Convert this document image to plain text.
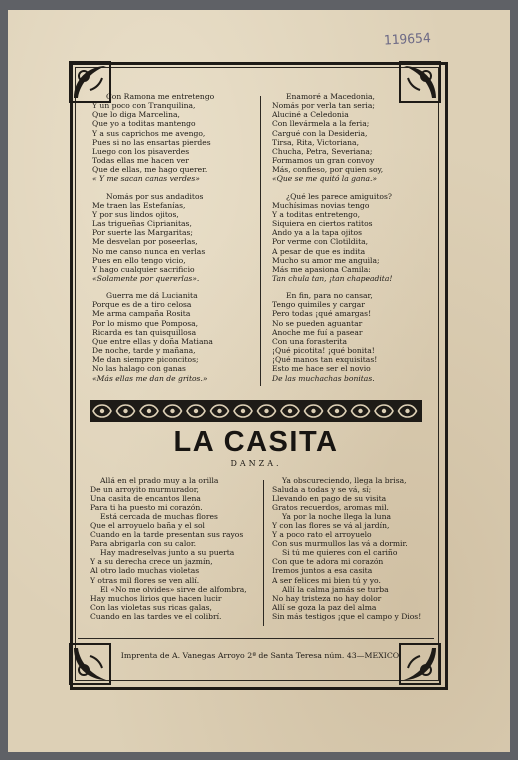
119654
Con Ramona me entretengo
Y un poco con Tranquilina,
Que lo diga Marcelina,
Que yo a toditas mantengo
Y a sus caprichos me avengo,
Pues si no las ensartas pierdes
Luego con los pisaverdes
Todas ellas me hacen ver
Que de ellas, me hago querer.
« Y me sacan canas verdes»
Nomás por sus andaditos
Me traen las Estefanías,
Y por sus lindos ojitos,
Las trigueñas Ciprianitas,
Por suerte las Margaritas;
Me desvelan por poseerlas,
No me canso nunca en verlas
Pues en ello tengo vicio,
Y hago cualquier sacrificio
«Solamente por quererlas».
Guerra me dá Lucianita
Porque es de a tiro celosa
Me arma campaña Rosita
Por lo mismo que Pomposa,
Ricarda es tan quisquillosa
Que entre ellas y doña Matiana
De noche, tarde y mañana,
Me dan siempre piconcitos;
No las halago con ganas
«Más ellas me dan de gritos.»
Enamoré a Macedonia,
Nomás por verla tan seria;
Aluciné a Celedonia
Con llevármela a la feria;
Cargué con la Desideria,
Tirsa, Rita, Victoriana,
Chucha, Petra, Severiana;
Formamos un gran convoy
Más, confieso, por quien soy,
«Que se me quitó la gana.»
¿Qué les parece amiguitos?
Muchísimas novias tengo
Y a toditas entretengo,
Siquiera en ciertos ratitos
Ando ya a la tapa ojitos
Por verme con Clotildita,
A pesar de que es indita
Mucho su amor me anguila;
Más me apasiona Camila:
Tan chula tan, ¡tan chapeadita!
En fin, para no cansar,
Tengo quimiles y cargar
Pero todas ¡qué amargas!
No se pueden aguantar
Anoche me fuí a pasear
Con una forasterita
¡Qué picotita! ¡qué bonita!
¡Qué manos tan exquisitas!
Esto me hace ser el novio
De las muchachas bonitas.
LA CASITA
DANZA.
Allá en el prado muy a la orilla
De un arroyito murmurador,
Una casita de encantos llena
Para ti ha puesto mi corazón.
Está cercada de muchas flores
Que el arroyuelo baña y el sol
Cuando en la tarde presentan sus rayos
Para abrigarla con su calor.
Hay madreselvas junto a su puerta
Y a su derecha crece un jazmín,
Al otro lado muchas violetas
Y otras mil flores se ven allí.
El «No me olvides» sirve de alfombra,
Hay muchos lirios que hacen lucir
Con las violetas sus ricas galas,
Cuando en las tardes ve el colibrí.
Ya obscureciendo, llega la brisa,
Saluda a todas y se vá, sí;
Llevando en pago de su visita
Gratos recuerdos, aromas mil.
Ya por la noche llega la luna
Y con las flores se vá al jardín,
Y a poco rato el arroyuelo
Con sus murmullos las vá a dormir.
Si tú me quieres con el cariño
Con que te adora mi corazón
Iremos juntos a esa casita
A ser felices mi bien tú y yo.
Allí la calma jamás se turba
No hay tristeza no hay dolor
Allí se goza la paz del alma
Sin más testigos ¡que el campo y Dios!
Imprenta de A. Vanegas Arroyo 2ª de Santa Teresa núm. 43—MEXICO
